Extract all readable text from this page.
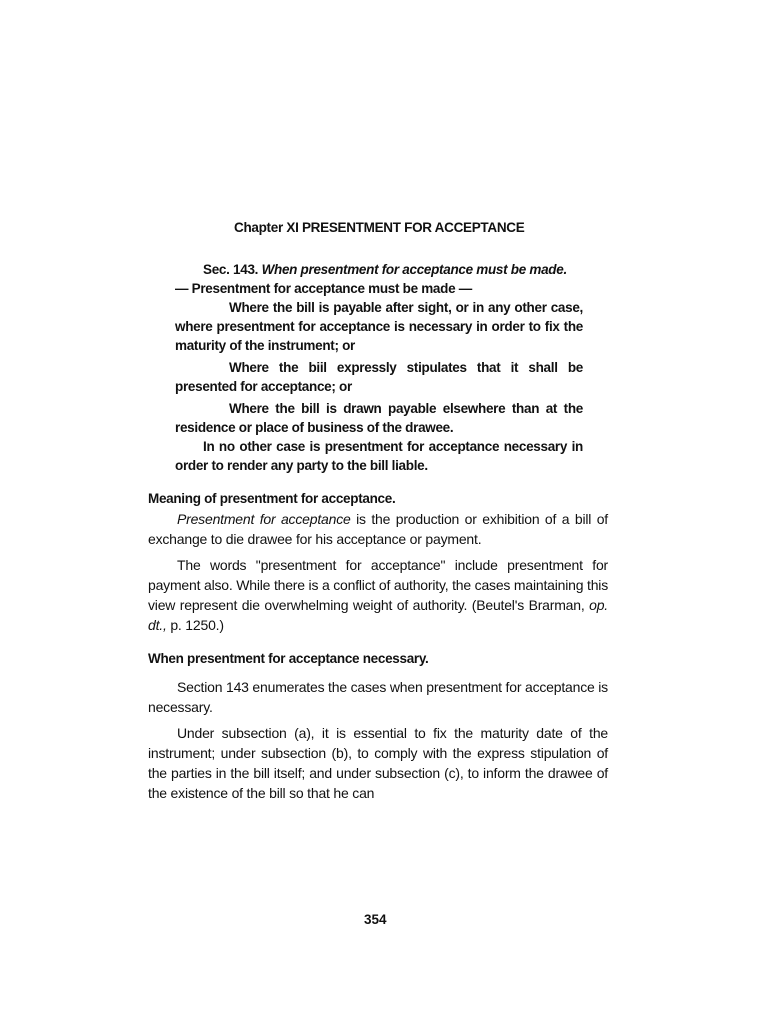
Chapter XI PRESENTMENT FOR ACCEPTANCE

Sec. 143. When presentment for acceptance must be made.

— Presentment for acceptance must be made —

Where the bill is payable after sight, or in any other case, where presentment for acceptance is necessary in order to fix the maturity of the instrument; or

Where the biil expressly stipulates that it shall be presented for acceptance; or

Where the bill is drawn payable elsewhere than at the residence or place of business of the drawee.

In no other case is presentment for acceptance necessary in order to render any party to the bill liable.

Meaning of presentment for acceptance.

Presentment for acceptance is the production or exhibition of a bill of exchange to die drawee for his acceptance or payment.

The words "presentment for acceptance" include presentment for payment also. While there is a conflict of authority, the cases maintaining this view represent die overwhelming weight of authority. (Beutel's Brarman, op. dt., p. 1250.)

When presentment for acceptance necessary.

Section 143 enumerates the cases when presentment for acceptance is necessary.

Under subsection (a), it is essential to fix the maturity date of the instrument; under subsection (b), to comply with the express stipulation of the parties in the bill itself; and under subsection (c), to inform the drawee of the existence of the bill so that he can

354
